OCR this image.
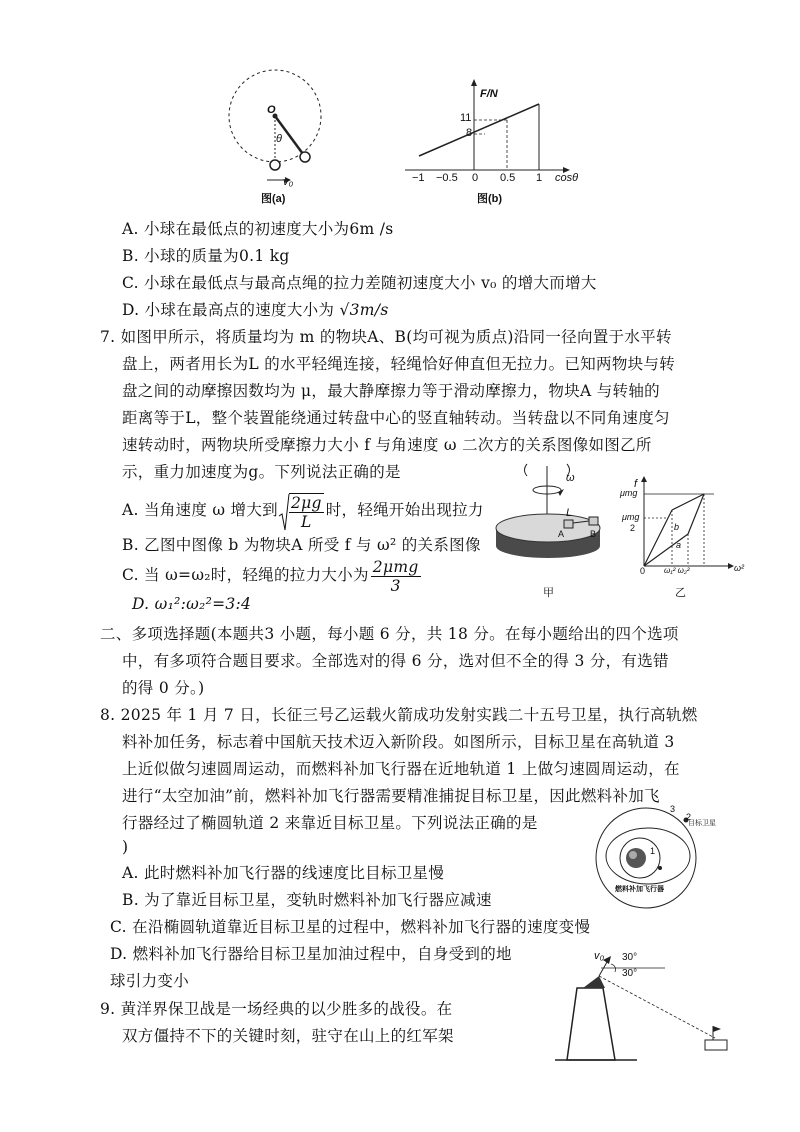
O
θ
v₀
图(a)
F/N
11
8
−1 −0.5 0 0.5 1 cosθ
图(b)
A. 小球在最低点的初速度大小为6m /s
B. 小球的质量为0.1 kg
C. 小球在最低点与最高点绳的拉力差随初速度大小 v₀ 的增大而增大
D. 小球在最高点的速度大小为 √3m/s
7. 如图甲所示，将质量均为 m 的物块A、B(均可视为质点)沿同一径向置于水平转
盘上，两者用长为L 的水平轻绳连接，轻绳恰好伸直但无拉力。已知两物块与转
盘之间的动摩擦因数均为 μ，最大静摩擦力等于滑动摩擦力，物块A 与转轴的
距离等于L，整个装置能绕通过转盘中心的竖直轴转动。当转盘以不同角速度匀
速转动时，两物块所受摩擦力大小 f 与角速度 ω 二次方的关系图像如图乙所
示，重力加速度为g。下列说法正确的是
A. 当角速度 ω 增大到 $\frac{2\mu g}{L}$ 时，轻绳开始出现拉力
B. 乙图中图像 b 为物块A 所受 f 与 ω² 的关系图像
C. 当 ω=ω₂时，轻绳的拉力大小为 $\frac{\text{2μmg}}{3}$
D. ω₁²:ω₂²=3:4
ω
L
A	B
甲
f
μmg
μmg
2	b
a
0 ω₁² ω₂²	ω²
乙
二、多项选择题(本题共3 小题，每小题 6 分，共 18 分。在每小题给出的四个选项
中，有多项符合题目要求。全部选对的得 6 分，选对但不全的得 3 分，有选错
的得 0 分。)
8. 2025 年 1 月 7 日，长征三号乙运载火箭成功发射实践二十五号卫星，执行高轨燃
料补加任务，标志着中国航天技术迈入新阶段。如图所示，目标卫星在高轨道 3
上近似做匀速圆周运动，而燃料补加飞行器在近地轨道 1 上做匀速圆周运动，在
进行“太空加油”前，燃料补加飞行器需要精准捕捉目标卫星，因此燃料补加飞
行器经过了椭圆轨道 2 来靠近目标卫星。下列说法正确的是
)
A. 此时燃料补加飞行器的线速度比目标卫星慢
B. 为了靠近目标卫星，变轨时燃料补加飞行器应减速
C. 在沿椭圆轨道靠近目标卫星的过程中，燃料补加飞行器的速度变慢
D. 燃料补加飞行器给目标卫星加油过程中，自身受到的地
球引力变小
3
2
1
目标卫星
燃料补加飞行器
9. 黄洋界保卫战是一场经典的以少胜多的战役。在
双方僵持不下的关键时刻，驻守在山上的红军架
v₀ 30°
30°
